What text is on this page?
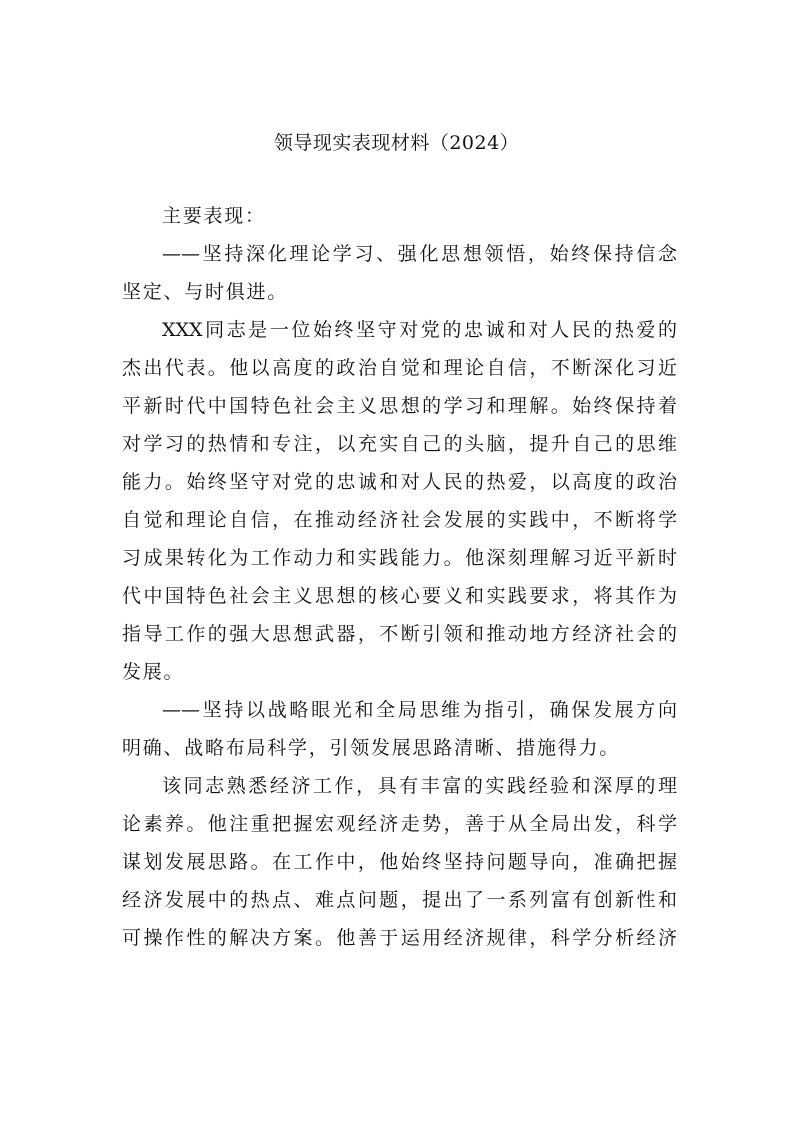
领导现实表现材料（2024）
主要表现：
——坚持深化理论学习、强化思想领悟，始终保持信念
坚定、与时俱进。
XXX同志是一位始终坚守对党的忠诚和对人民的热爱的
杰出代表。他以高度的政治自觉和理论自信，不断深化习近
平新时代中国特色社会主义思想的学习和理解。始终保持着
对学习的热情和专注，以充实自己的头脑，提升自己的思维
能力。始终坚守对党的忠诚和对人民的热爱，以高度的政治
自觉和理论自信，在推动经济社会发展的实践中，不断将学
习成果转化为工作动力和实践能力。他深刻理解习近平新时
代中国特色社会主义思想的核心要义和实践要求，将其作为
指导工作的强大思想武器，不断引领和推动地方经济社会的
发展。
——坚持以战略眼光和全局思维为指引，确保发展方向
明确、战略布局科学，引领发展思路清晰、措施得力。
该同志熟悉经济工作，具有丰富的实践经验和深厚的理
论素养。他注重把握宏观经济走势，善于从全局出发，科学
谋划发展思路。在工作中，他始终坚持问题导向，准确把握
经济发展中的热点、难点问题，提出了一系列富有创新性和
可操作性的解决方案。他善于运用经济规律，科学分析经济
